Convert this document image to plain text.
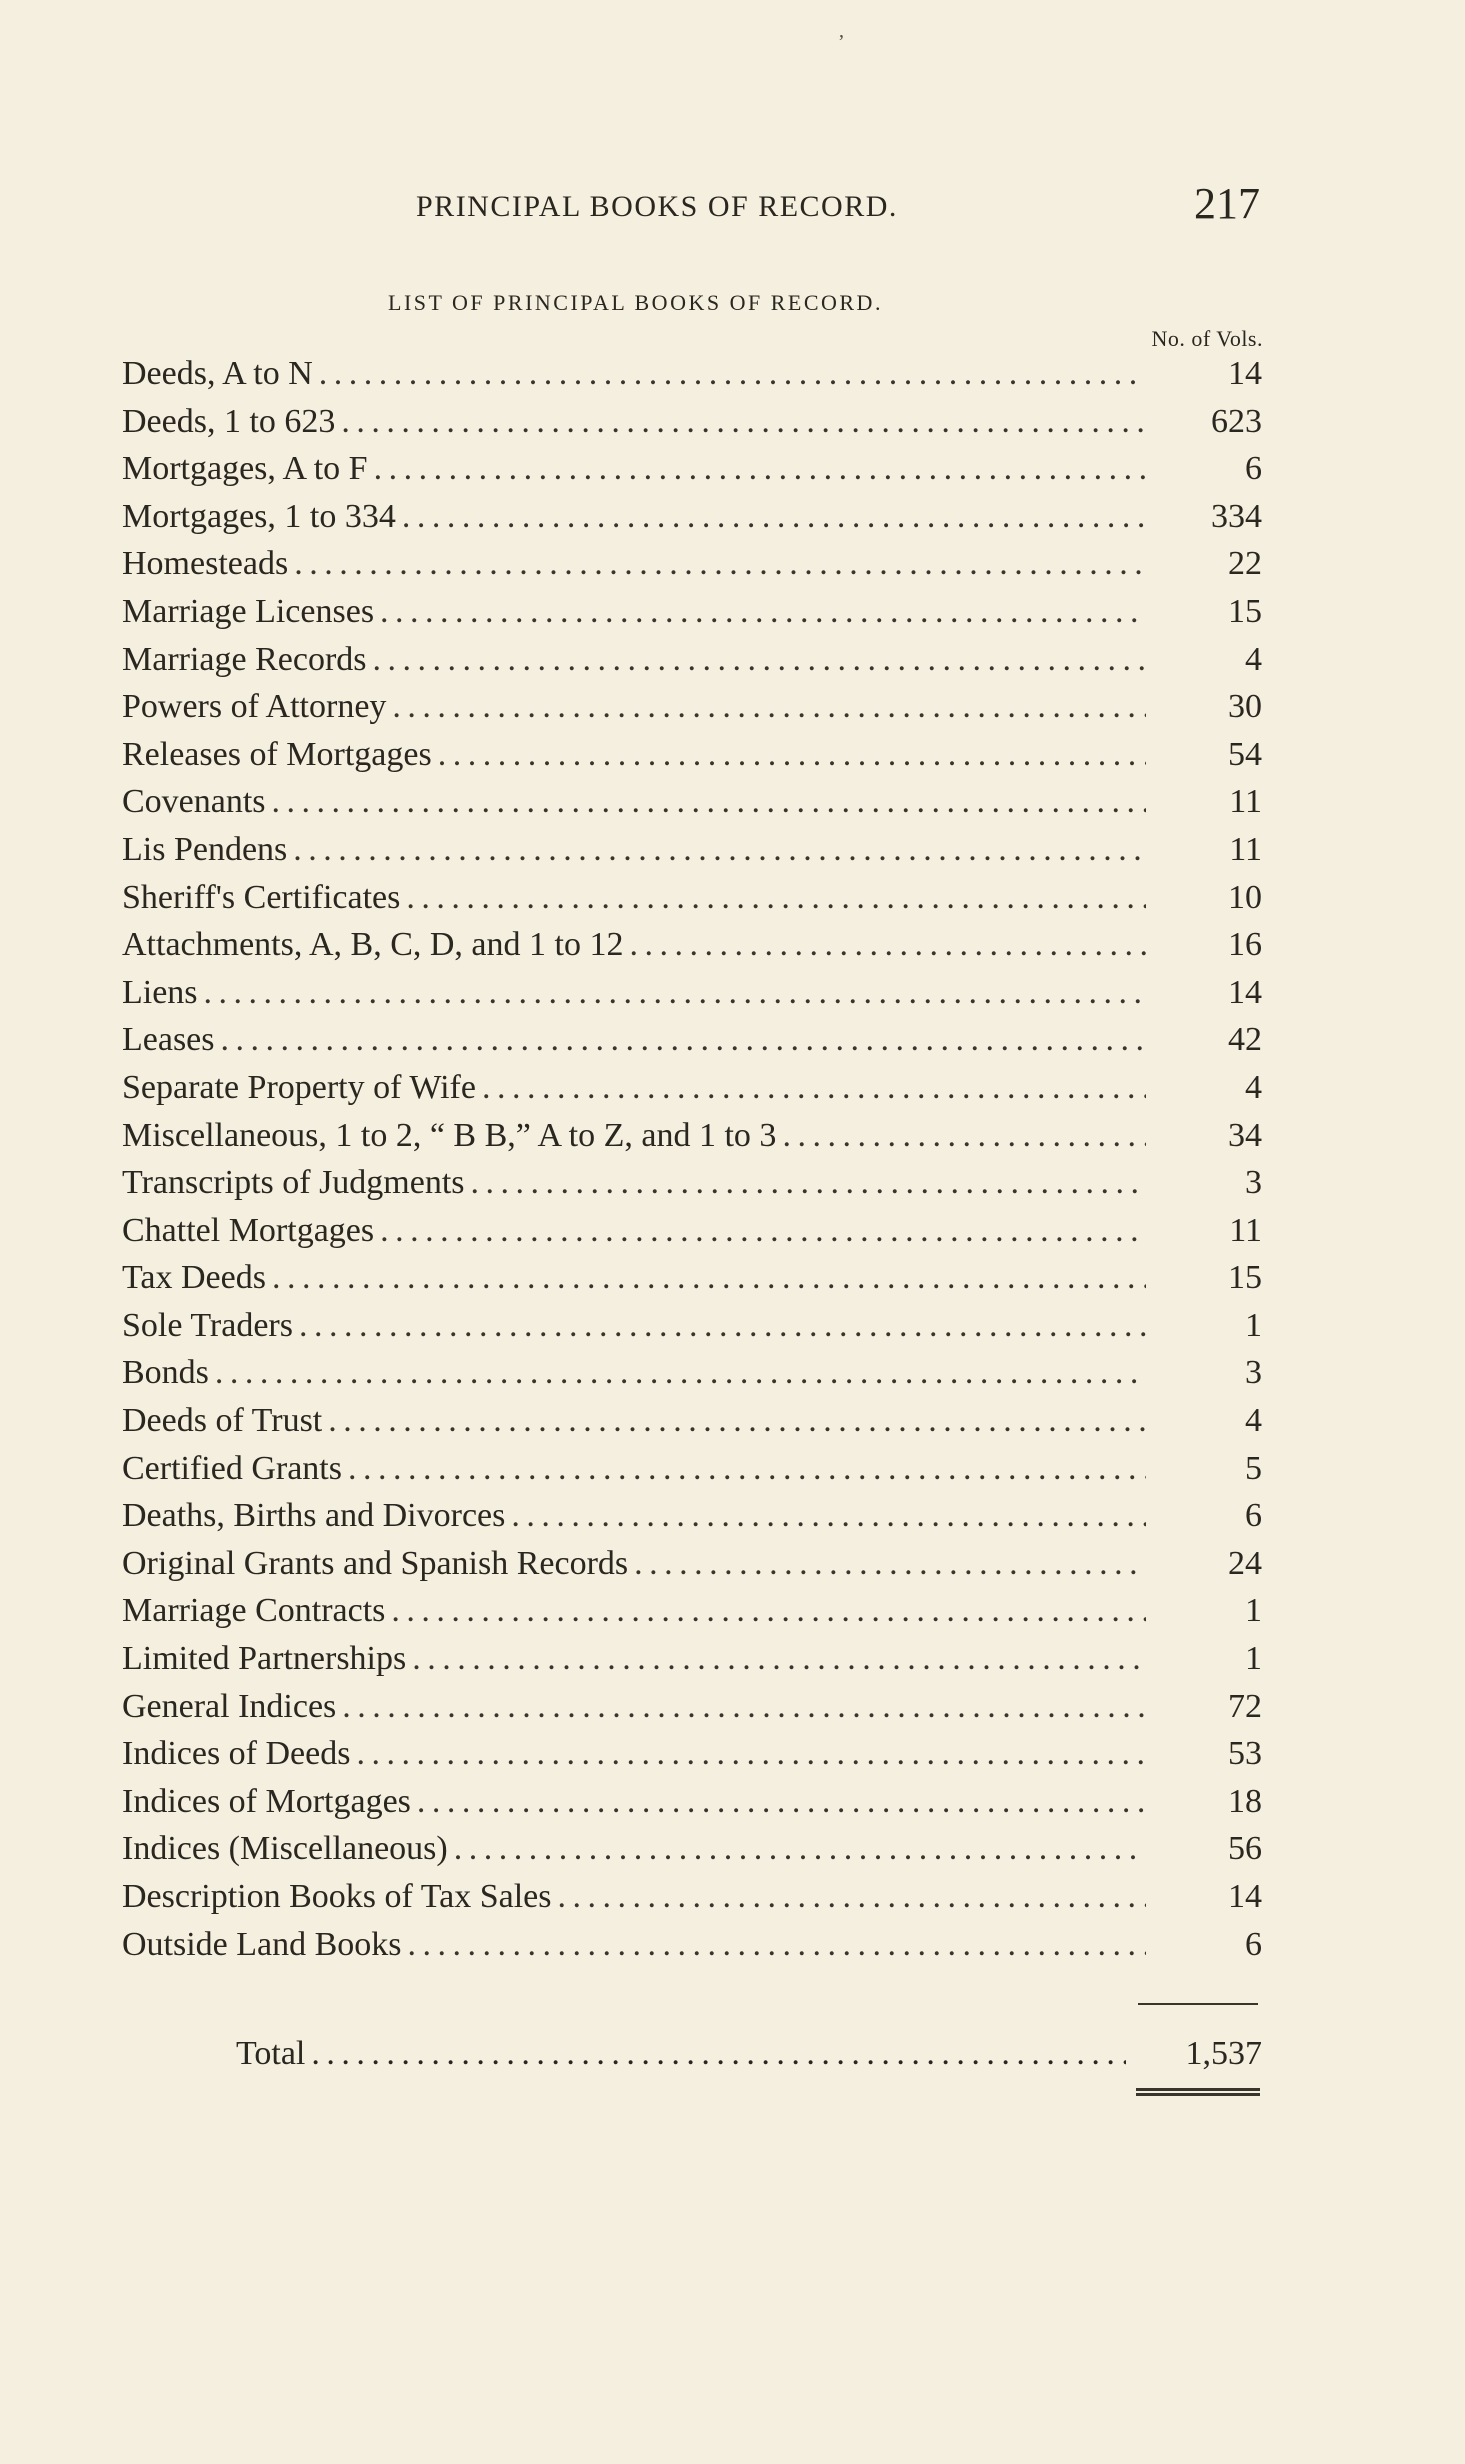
‚
PRINCIPAL BOOKS OF RECORD.	217
LIST OF PRINCIPAL BOOKS OF RECORD.
No. of Vols.
Deeds, A to N . . .	14
Deeds, 1 to 623 . . .	623
Mortgages, A to F . . .	6
Mortgages, 1 to 334 . . .	334
Homesteads . . .	22
Marriage Licenses . . .	15
Marriage Records . . .	4
Powers of Attorney . . .	30
Releases of Mortgages . . .	54
Covenants . . .	11
Lis Pendens . . .	11
Sheriff's Certificates . . .	10
Attachments, A, B, C, D, and 1 to 12 . . .	16
Liens . . .	14
Leases . . .	42
Separate Property of Wife . . .	4
Miscellaneous, 1 to 2, “ B B,” A to Z, and 1 to 3 . . .	34
Transcripts of Judgments . . .	3
Chattel Mortgages . . .	11
Tax Deeds . . .	15
Sole Traders . . .	1
Bonds . . .	3
Deeds of Trust . . .	4
Certified Grants . . .	5
Deaths, Births and Divorces . . .	6
Original Grants and Spanish Records . . .	24
Marriage Contracts . . .	1
Limited Partnerships . . .	1
General Indices . . .	72
Indices of Deeds . . .	53
Indices of Mortgages . . .	18
Indices (Miscellaneous) . . .	56
Description Books of Tax Sales . . .	14
Outside Land Books . . .	6
Total . . .	1,537
